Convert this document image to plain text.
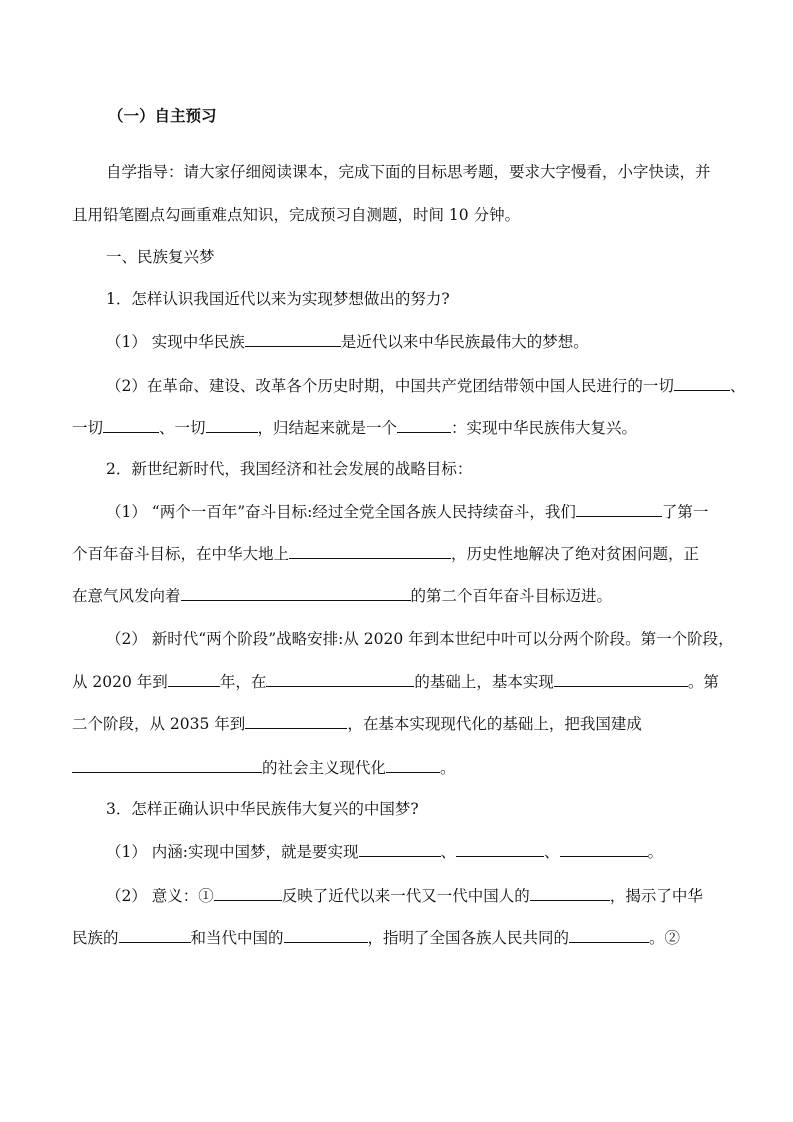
（一）自主预习
自学指导：请大家仔细阅读课本，完成下面的目标思考题，要求大字慢看，小字快读，并
且用铅笔圈点勾画重难点知识，完成预习自测题，时间 10 分钟。
一、民族复兴梦
1．怎样认识我国近代以来为实现梦想做出的努力?
（1） 实现中华民族	是近代以来中华民族最伟大的梦想。
（2）在革命、建设、改革各个历史时期，中国共产党团结带领中国人民进行的一切	、
一切	、一切	，归结起来就是一个	：实现中华民族伟大复兴。
2．新世纪新时代，我国经济和社会发展的战略目标：
（1） “两个一百年”奋斗目标:经过全党全国各族人民持续奋斗，我们	了第一
个百年奋斗目标，在中华大地上	，历史性地解决了绝对贫困问题，正
在意气风发向着	的第二个百年奋斗目标迈进。
（2） 新时代“两个阶段”战略安排:从 2020 年到本世纪中叶可以分两个阶段。第一个阶段，
从 2020 年到	年，在	的基础上，基本实现	。第
二个阶段，从 2035 年到	，在基本实现现代化的基础上，把我国建成
的社会主义现代化	。
3．怎样正确认识中华民族伟大复兴的中国梦?
（1） 内涵:实现中国梦，就是要实现	、	、	。
（2） 意义：①	反映了近代以来一代又一代中国人的	，揭示了中华
民族的	和当代中国的	，指明了全国各族人民共同的	。②
